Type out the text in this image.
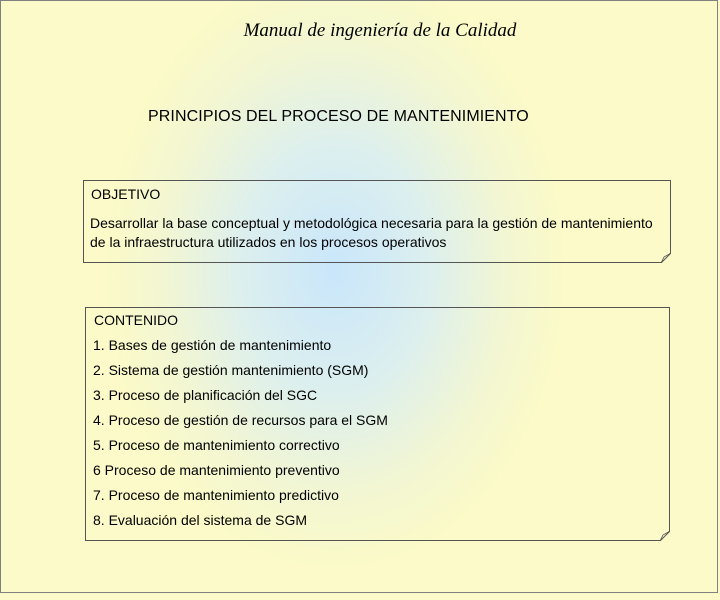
Manual de ingeniería de la Calidad
PRINCIPIOS DEL PROCESO DE MANTENIMIENTO
OBJETIVO
Desarrollar la base conceptual y metodológica necesaria para la gestión de mantenimiento de la infraestructura utilizados en los procesos operativos
CONTENIDO
1. Bases de gestión de mantenimiento
2. Sistema de gestión mantenimiento (SGM)
3. Proceso de planificación del SGC
4. Proceso de gestión de recursos para el SGM
5. Proceso de mantenimiento correctivo
6 Proceso de mantenimiento preventivo
7. Proceso de mantenimiento predictivo
8. Evaluación del sistema de SGM
